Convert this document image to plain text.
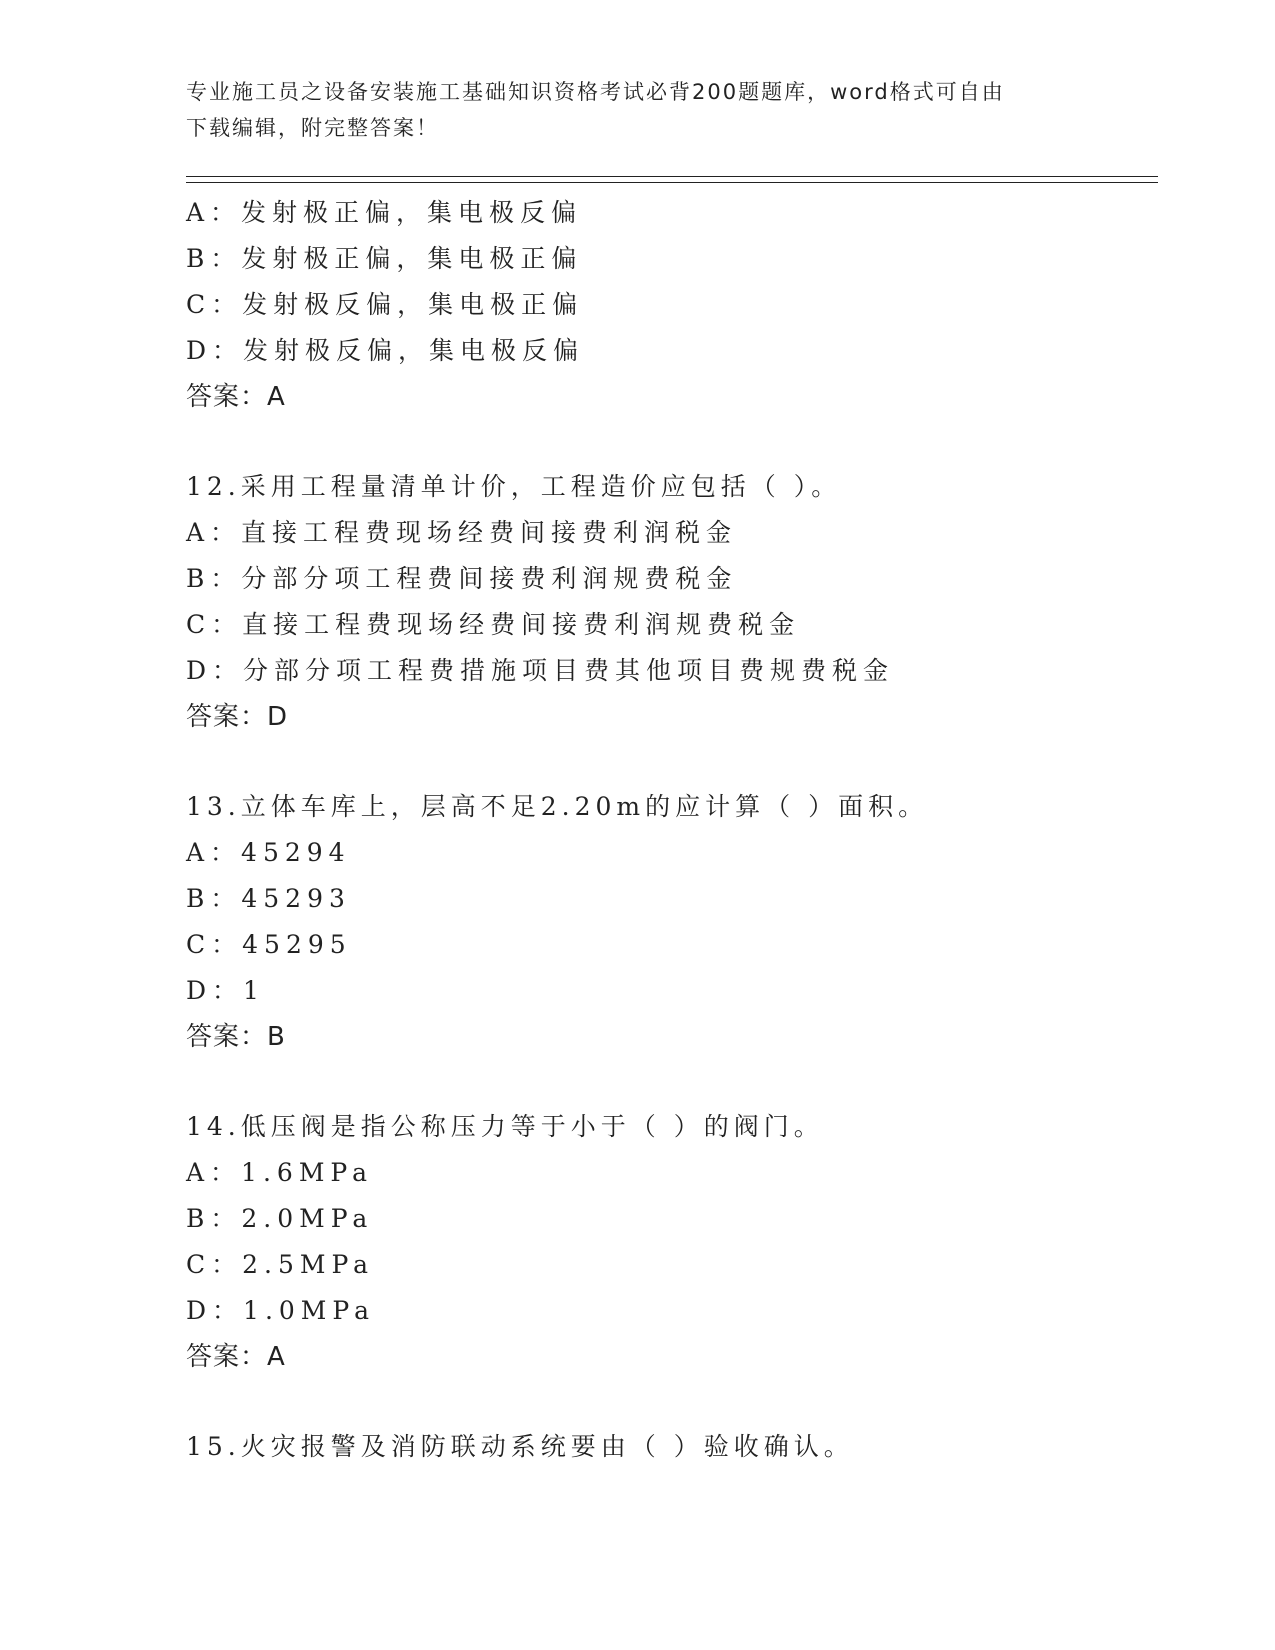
专业施工员之设备安装施工基础知识资格考试必背200题题库，word格式可自由
下载编辑，附完整答案！
A：发射极正偏，集电极反偏
B：发射极正偏，集电极正偏
C：发射极反偏，集电极正偏
D：发射极反偏，集电极反偏
答案：A
12.采用工程量清单计价，工程造价应包括（ ）。
A：直接工程费现场经费间接费利润税金
B：分部分项工程费间接费利润规费税金
C：直接工程费现场经费间接费利润规费税金
D：分部分项工程费措施项目费其他项目费规费税金
答案：D
13.立体车库上，层高不足2.20m的应计算（ ）面积。
A：45294
B：45293
C：45295
D：1
答案：B
14.低压阀是指公称压力等于小于（ ）的阀门。
A：1.6MPa
B：2.0MPa
C：2.5MPa
D：1.0MPa
答案：A
15.火灾报警及消防联动系统要由（ ）验收确认。
